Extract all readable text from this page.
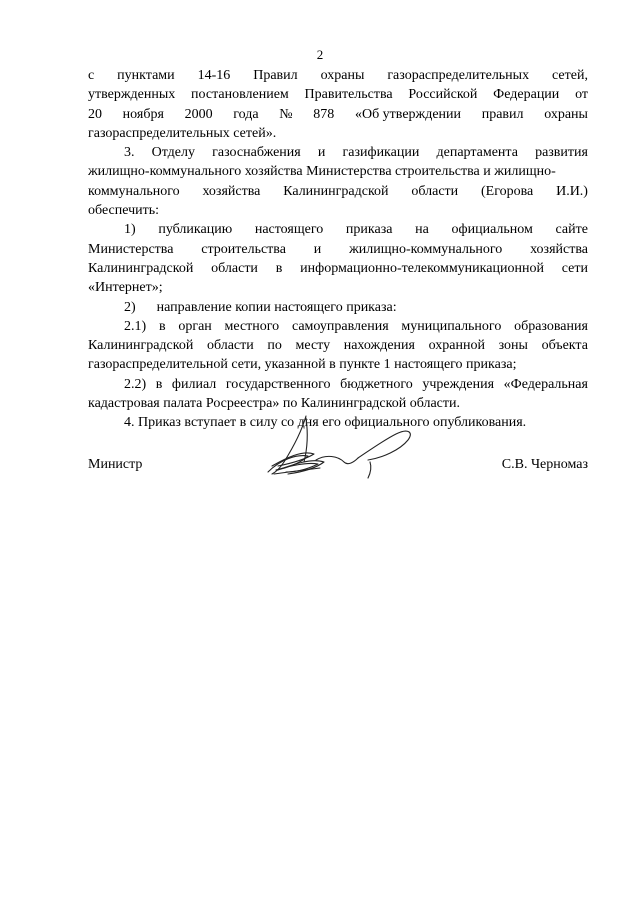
2
с пунктами 14-16 Правил охраны газораспределительных сетей,
утвержденных постановлением Правительства Российской Федерации от
20 ноября 2000 года № 878 «Об утверждении правил охраны
газораспределительных сетей».
3. Отделу газоснабжения и газификации департамента развития
жилищно-коммунального хозяйства Министерства строительства и жилищно-
коммунального хозяйства Калининградской области (Егорова И.И.)
обеспечить:
1) публикацию настоящего приказа на официальном сайте
Министерства строительства и жилищно-коммунального хозяйства
Калининградской области в информационно-телекоммуникационной сети
«Интернет»;
2)      направление копии настоящего приказа:
2.1) в орган местного самоуправления муниципального образования
Калининградской области по месту нахождения охранной зоны объекта
газораспределительной сети, указанной в пункте 1 настоящего приказа;
2.2) в филиал государственного бюджетного учреждения «Федеральная
кадастровая палата Росреестра» по Калининградской области.
4. Приказ вступает в силу со дня его официального опубликования.
Министр	С.В. Черномаз
